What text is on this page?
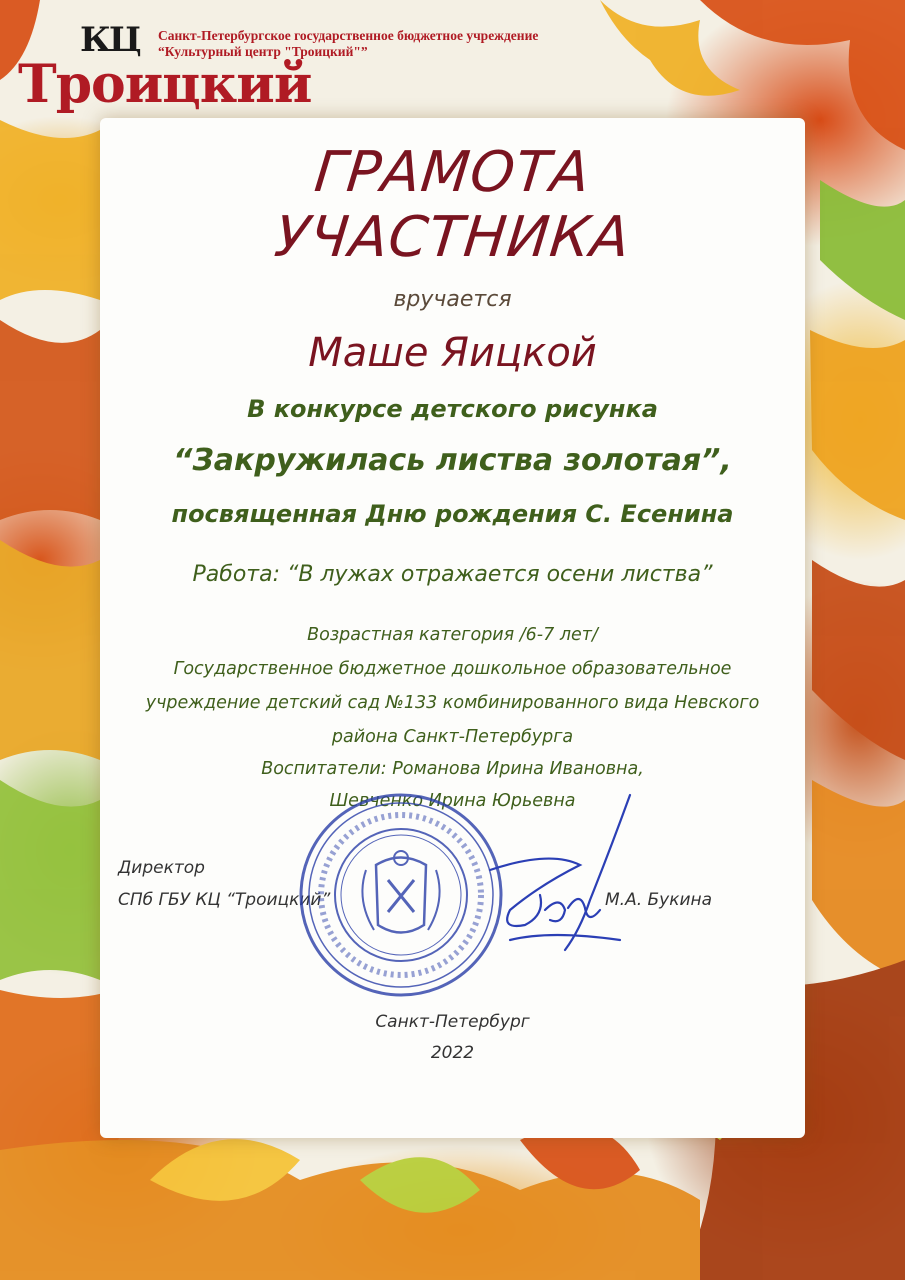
КЦ
Троицкий
Санкт-Петербургское государственное бюджетное учреждение
“Культурный центр "Троицкий"”
ГРАМОТА
УЧАСТНИКА
вручается
Маше Яицкой
В конкурсе детского рисунка
“Закружилась листва золотая”,
посвященная Дню рождения С. Есенина
Работа: “В лужах отражается осени листва”
Возрастная категория /6-7 лет/
Государственное бюджетное дошкольное образовательное
учреждение детский сад №133 комбинированного вида Невского
района Санкт-Петербурга
Воспитатели: Романова Ирина Ивановна,
Шевченко Ирина Юрьевна
Директор
СПб ГБУ КЦ “Троицкий”	М.А. Букина
Санкт-Петербург
2022
